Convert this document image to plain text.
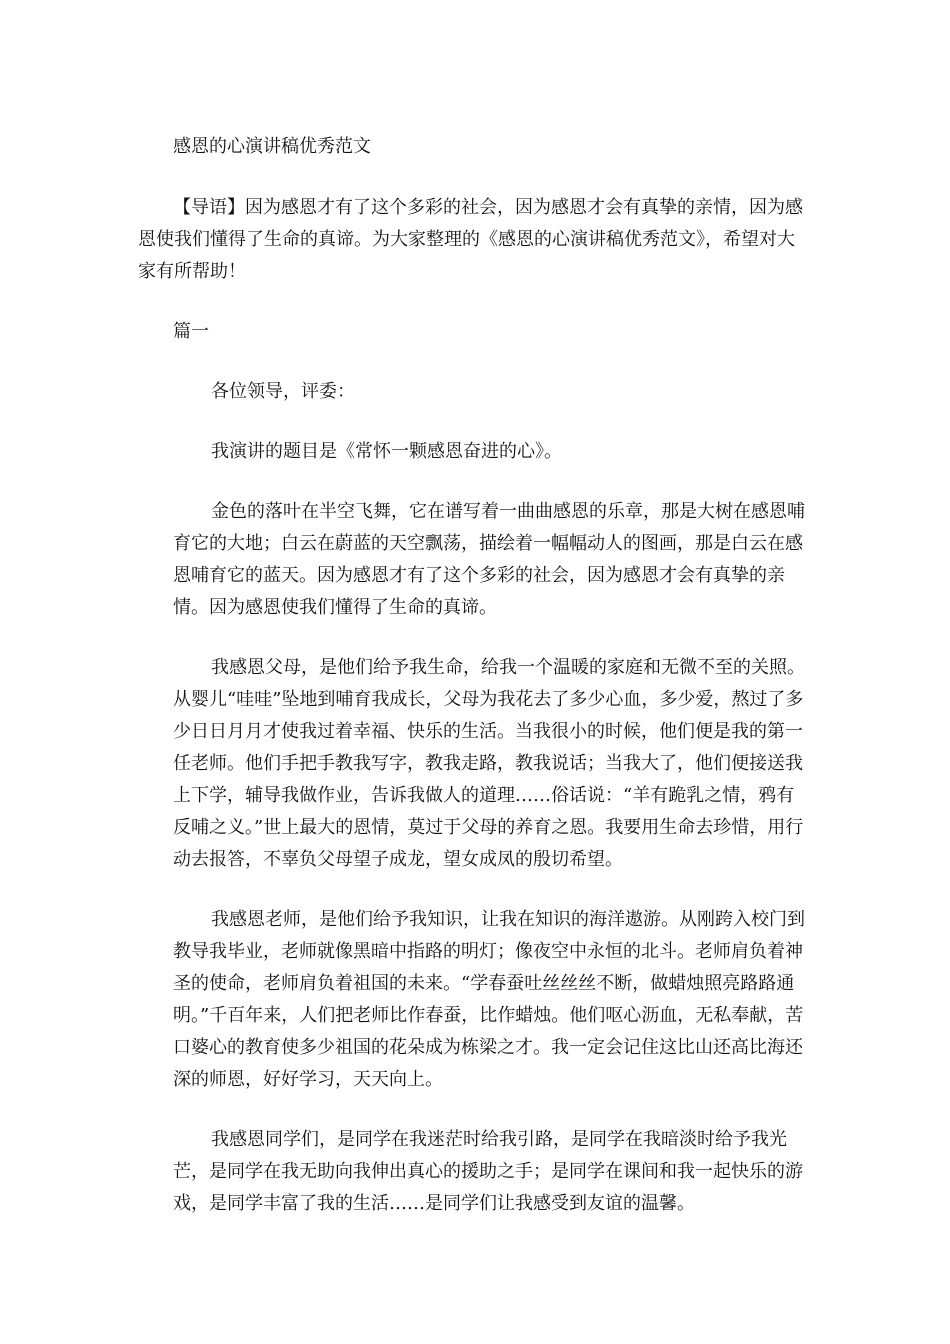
感恩的心演讲稿优秀范文

【导语】因为感恩才有了这个多彩的社会，因为感恩才会有真挚的亲情，因为感恩使我们懂得了生命的真谛。为大家整理的《感恩的心演讲稿优秀范文》，希望对大家有所帮助！

篇一

各位领导，评委：

我演讲的题目是《常怀一颗感恩奋进的心》。

金色的落叶在半空飞舞，它在谱写着一曲曲感恩的乐章，那是大树在感恩哺育它的大地；白云在蔚蓝的天空飘荡，描绘着一幅幅动人的图画，那是白云在感恩哺育它的蓝天。因为感恩才有了这个多彩的社会，因为感恩才会有真挚的亲情。因为感恩使我们懂得了生命的真谛。

我感恩父母，是他们给予我生命，给我一个温暖的家庭和无微不至的关照。从婴儿“哇哇”坠地到哺育我成长，父母为我花去了多少心血，多少爱，熬过了多少日日月月才使我过着幸福、快乐的生活。当我很小的时候，他们便是我的第一任老师。他们手把手教我写字，教我走路，教我说话；当我大了，他们便接送我上下学，辅导我做作业，告诉我做人的道理……俗话说：“羊有跪乳之情，鸦有反哺之义。”世上最大的恩情，莫过于父母的养育之恩。我要用生命去珍惜，用行动去报答，不辜负父母望子成龙，望女成凤的殷切希望。

我感恩老师，是他们给予我知识，让我在知识的海洋遨游。从刚跨入校门到教导我毕业，老师就像黑暗中指路的明灯；像夜空中永恒的北斗。老师肩负着神圣的使命，老师肩负着祖国的未来。“学春蚕吐丝丝丝不断，做蜡烛照亮路路通明。”千百年来，人们把老师比作春蚕，比作蜡烛。他们呕心沥血，无私奉献，苦口婆心的教育使多少祖国的花朵成为栋梁之才。我一定会记住这比山还高比海还深的师恩，好好学习，天天向上。

我感恩同学们，是同学在我迷茫时给我引路，是同学在我暗淡时给予我光芒，是同学在我无助向我伸出真心的援助之手；是同学在课间和我一起快乐的游戏，是同学丰富了我的生活……是同学们让我感受到友谊的温馨。
